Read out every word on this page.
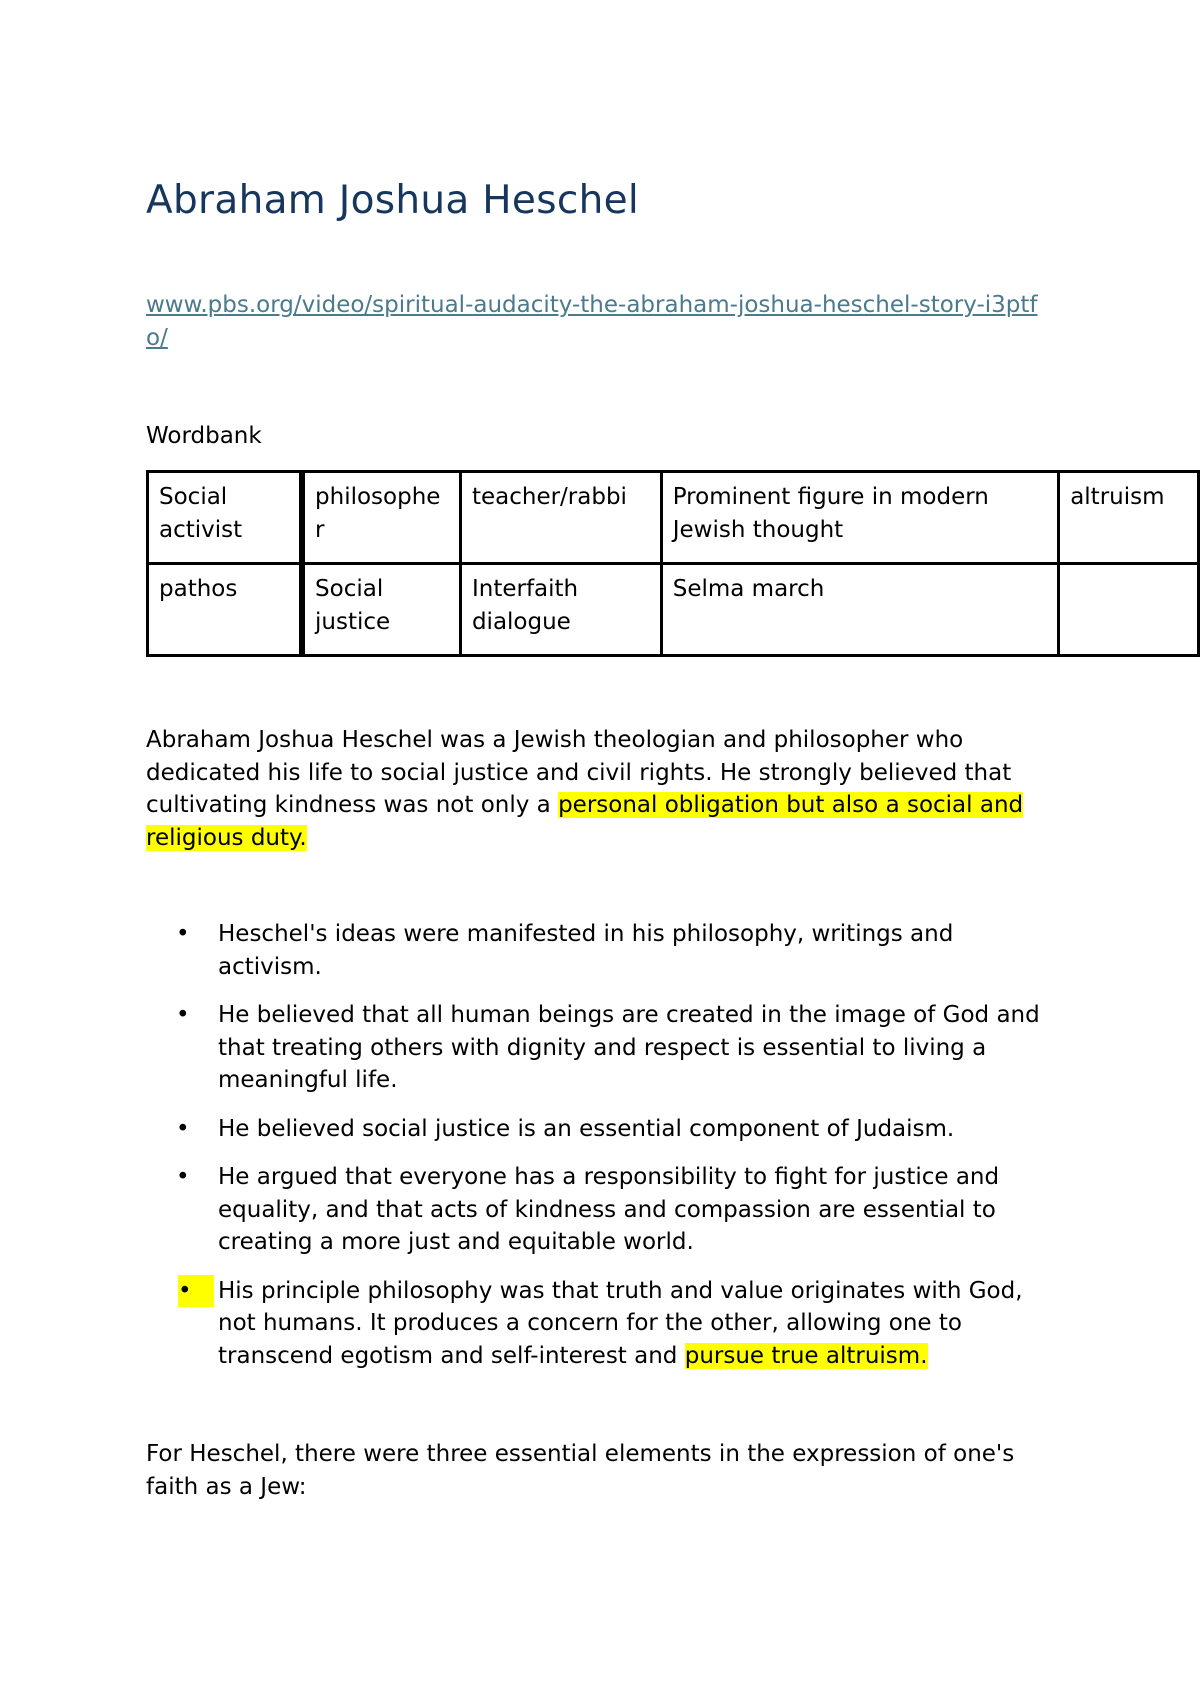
Abraham Joshua Heschel
www.pbs.org/video/spiritual-audacity-the-abraham-joshua-heschel-story-i3ptfo/
Wordbank
Social activist	philosopher	teacher/rabbi	Prominent figure in modern Jewish thought	altruism
pathos	Social justice	Interfaith dialogue	Selma march	

Abraham Joshua Heschel was a Jewish theologian and philosopher who dedicated his life to social justice and civil rights. He strongly believed that cultivating kindness was not only a personal obligation but also a social and religious duty.

•	Heschel's ideas were manifested in his philosophy, writings and activism.
•	He believed that all human beings are created in the image of God and that treating others with dignity and respect is essential to living a meaningful life.
•	He believed social justice is an essential component of Judaism.
•	He argued that everyone has a responsibility to fight for justice and equality, and that acts of kindness and compassion are essential to creating a more just and equitable world.
•	His principle philosophy was that truth and value originates with God, not humans. It produces a concern for the other, allowing one to transcend egotism and self-interest and pursue true altruism.

For Heschel, there were three essential elements in the expression of one's faith as a Jew:
